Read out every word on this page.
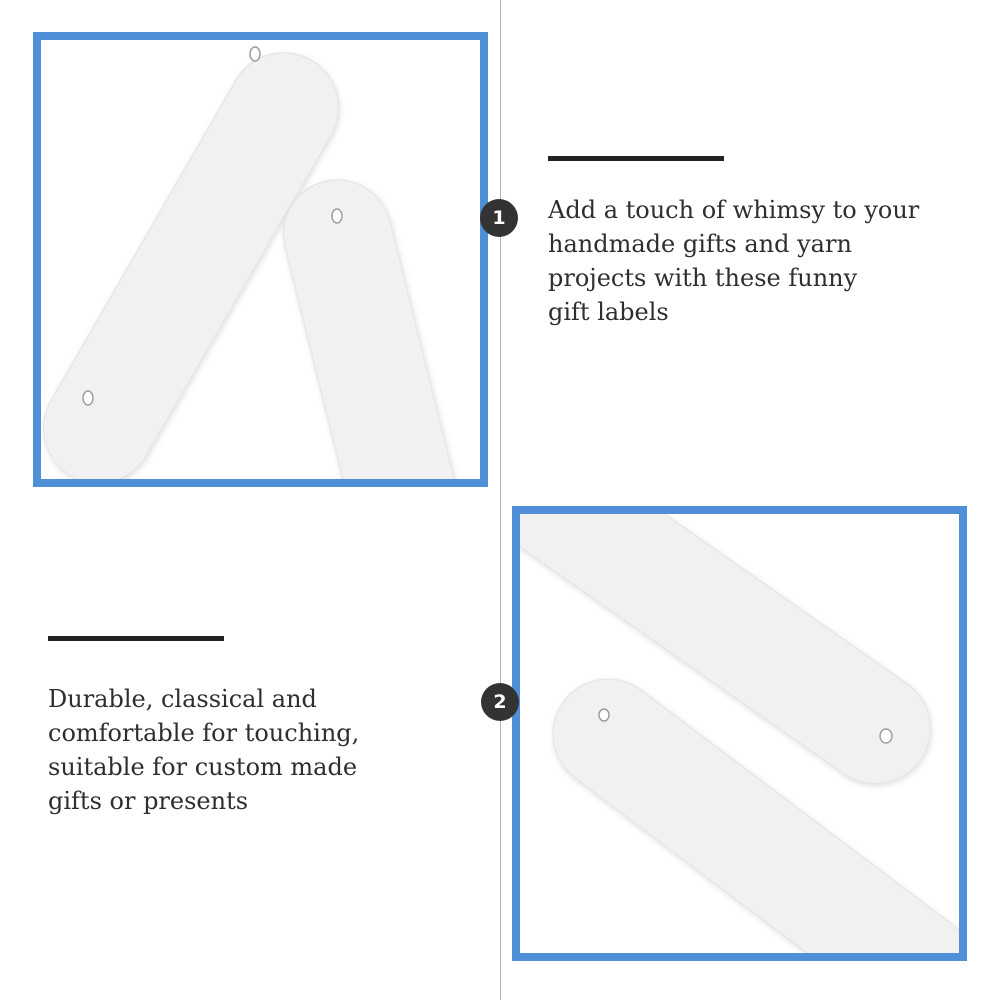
1	Add a touch of whimsy to your
handmade gifts and yarn
projects with these funny
gift labels

Durable, classical and
comfortable for touching,
suitable for custom made
gifts or presents

2
